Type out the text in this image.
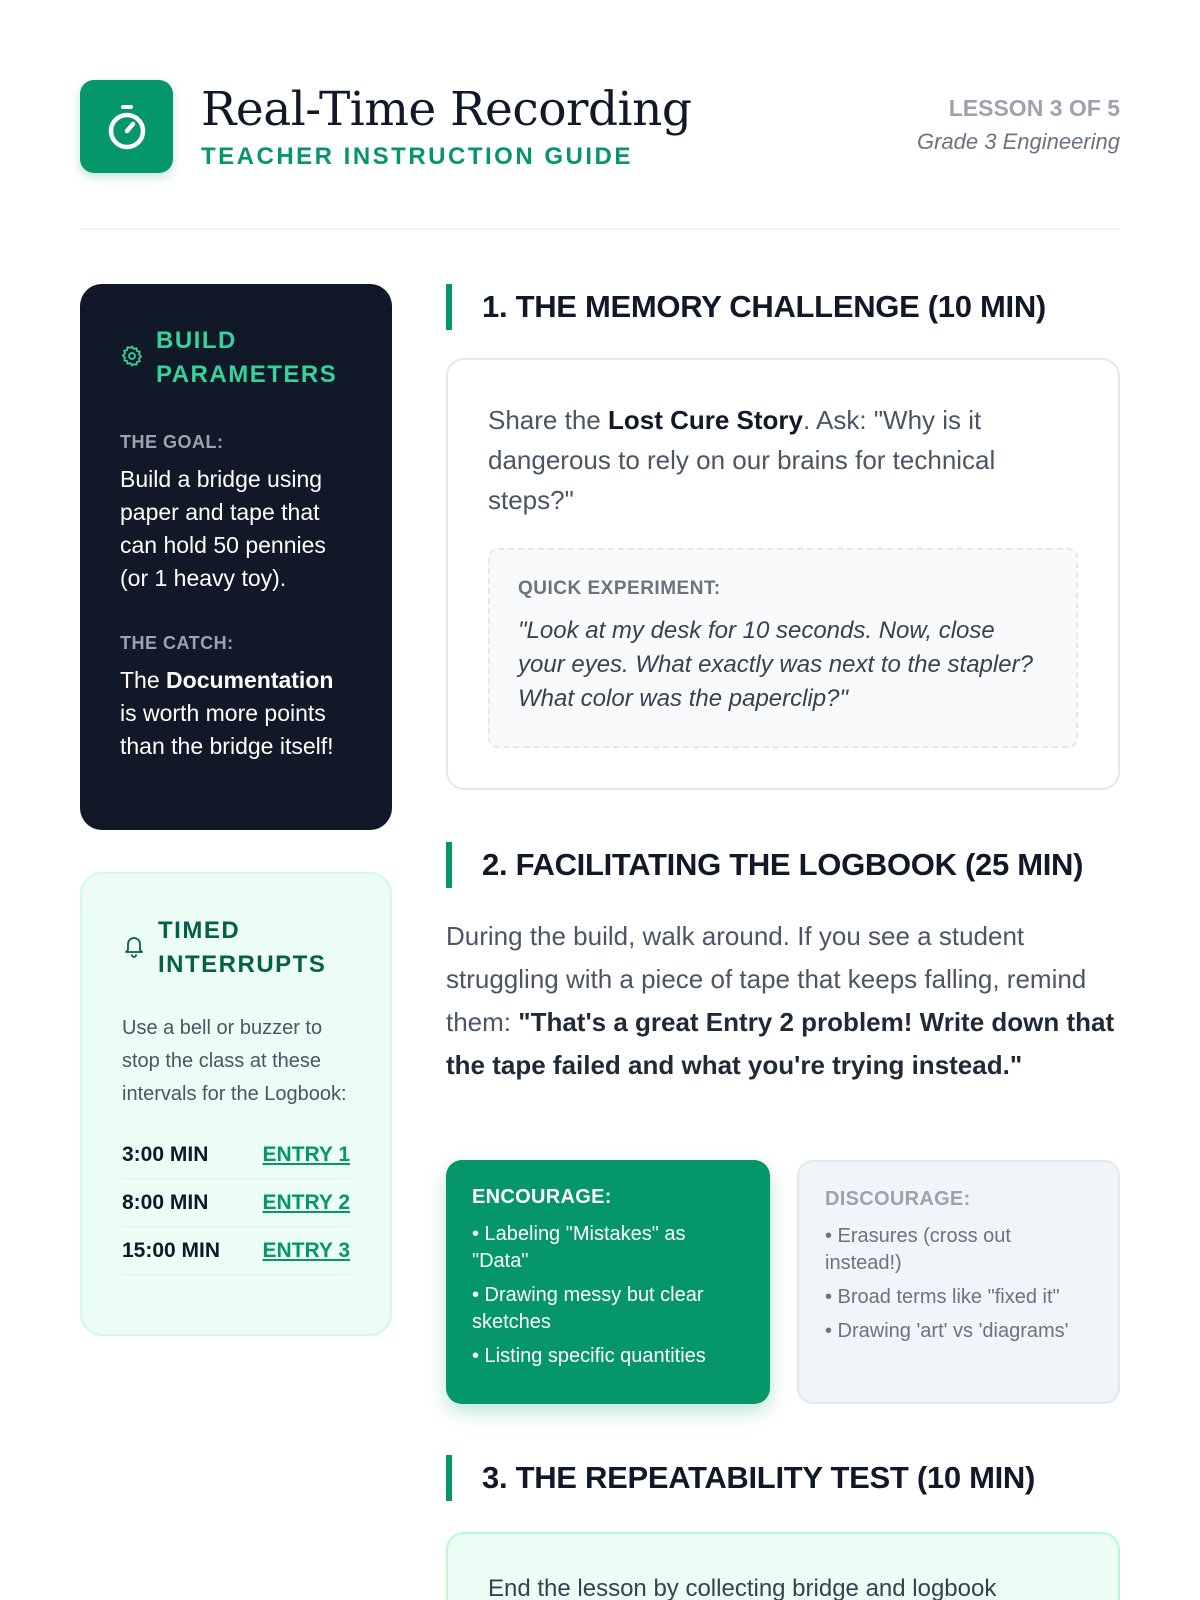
Real-Time Recording
TEACHER INSTRUCTION GUIDE
LESSON 3 OF 5
Grade 3 Engineering
BUILD PARAMETERS
THE GOAL:
Build a bridge using paper and tape that can hold 50 pennies (or 1 heavy toy).
THE CATCH:
The Documentation is worth more points than the bridge itself!
TIMED INTERRUPTS
Use a bell or buzzer to stop the class at these intervals for the Logbook:
3:00 MIN	ENTRY 1
8:00 MIN	ENTRY 2
15:00 MIN ENTRY 3
1. THE MEMORY CHALLENGE (10 MIN)
Share the Lost Cure Story. Ask: "Why is it dangerous to rely on our brains for technical steps?"
QUICK EXPERIMENT:
"Look at my desk for 10 seconds. Now, close your eyes. What exactly was next to the stapler? What color was the paperclip?"
2. FACILITATING THE LOGBOOK (25 MIN)
During the build, walk around. If you see a student struggling with a piece of tape that keeps falling, remind them: "That's a great Entry 2 problem! Write down that the tape failed and what you're trying instead."
ENCOURAGE:
• Labeling "Mistakes" as "Data"
• Drawing messy but clear sketches
• Listing specific quantities
DISCOURAGE:
• Erasures (cross out instead!)
• Broad terms like "fixed it"
• Drawing 'art' vs 'diagrams'
3. THE REPEATABILITY TEST (10 MIN)
End the lesson by collecting bridge and logbook
